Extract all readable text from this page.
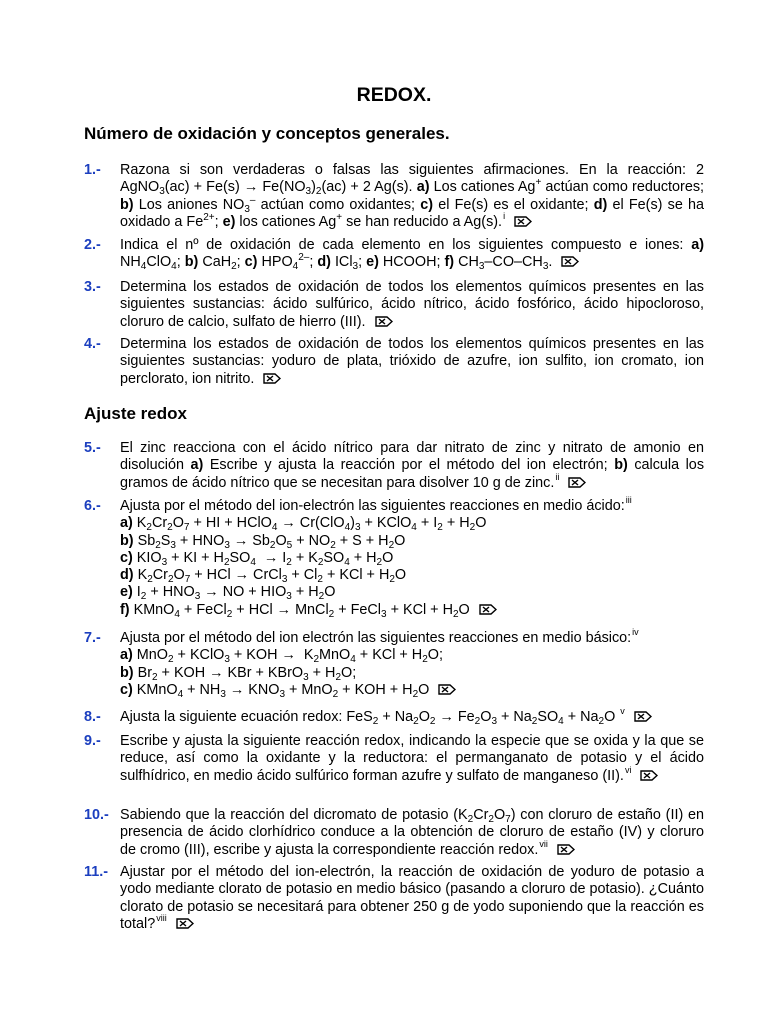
REDOX.
Número de oxidación y conceptos generales.
1.- Razona si son verdaderas o falsas las siguientes afirmaciones. En la reacción: 2 AgNO$_3$(ac) + $Fe(s) \to Fe(NO_3)_2(ac) + 2$ Ag(s). a) Los cationes Ag+ actúan como reductores; b) Los aniones $NO_3^-$ actúan como oxidantes; c) el Fe(s) es el oxidante; d) el Fe(s) se ha oxidado a $Fe^{2+}$; e) los cationes Ag+ se han reducido a Ag(s).$^i$
2.- Indica el nº de oxidación de cada elemento en los siguientes compuesto e iones: a) $NH_4ClO_4$; b) CaH$_2$; c) $HPO_4^{2-}$; d) ICl$_3$; e) HCOOH; f) $CH_3-CO-CH_3$.
3.- Determina los estados de oxidación de todos los elementos químicos presentes en las siguientes sustancias: ácido sulfúrico, ácido nítrico, ácido fosfórico, ácido hipocloroso, cloruro de calcio, sulfato de hierro (III).
4.- Determina los estados de oxidación de todos los elementos químicos presentes en las siguientes sustancias: yoduro de plata, trióxido de azufre, ion sulfito, ion cromato, ion perclorato, ion nitrito.
Ajuste redox
5.- El zinc reacciona con el ácido nítrico para dar nitrato de zinc y nitrato de amonio en disolución a) Escribe y ajusta la reacción por el método del ion electrón; b) calcula los gramos de ácido nítrico que se necesitan para disolver 10 g de zinc.$^{ii}$
6.- Ajusta por el método del ion-electrón las siguientes reacciones en medio ácido:$^{iii}$
a) $K_2Cr_2O_7$ + HI + HClO$_4$ → $Cr(ClO_4)_3$ + KClO$_4$ + $I_2 + H_2O$
b) $Sb_2S_3 + HNO_3 \to Sb_2O_5 + NO_2 + S + H_2O$
c) $KIO_3$ + KI + $H_2SO_4 \to I_2 + K_2SO_4 + H_2O$
d) $K_2Cr_2O_7$ + HCl → CrCl$_3$ + $Cl_2$ + KCl + $H_2O$
e) $I_2 + HNO_3$ → NO + $HIO_3 + H_2O$
f) KMnO$_4$ + FeCl$_2$ + HCl → MnCl$_2$ + FeCl$_3$ + KCl + $H_2O$
7.- Ajusta por el método del ion electrón las siguientes reacciones en medio básico:$^{iv}$
a) MnO$_2$ + KClO$_3$ + KOH →  $K_2MnO_4$ + KCl + $H_2O$;
b) $Br_2$ + KOH → KBr + KBrO$_3$ + $H_2O$;
c) KMnO$_4$ + $NH_3 \to KNO_3 + MnO_2$ + KOH + $H_2O$
8.- Ajusta la siguiente ecuación redox: $FeS_2 + Na_2O_2 \to Fe_2O_3 + Na_2SO_4 + Na_2O$ $^v$
9.- Escribe y ajusta la siguiente reacción redox, indicando la especie que se oxida y la que se reduce, así como la oxidante y la reductora: el permanganato de potasio y el ácido sulfhídrico, en medio ácido sulfúrico forman azufre y sulfato de manganeso (II).$^{vi}$
10.- Sabiendo que la reacción del dicromato de potasio $(K_2Cr_2O_7)$ con cloruro de estaño (II) en presencia de ácido clorhídrico conduce a la obtención de cloruro de estaño (IV) y cloruro de cromo (III), escribe y ajusta la correspondiente reacción redox.$^{vii}$
11.- Ajustar por el método del ion-electrón, la reacción de oxidación de yoduro de potasio a yodo mediante clorato de potasio en medio básico (pasando a cloruro de potasio). ¿Cuánto clorato de potasio se necesitará para obtener 250 g de yodo suponiendo que la reacción es total?$^{viii}$
